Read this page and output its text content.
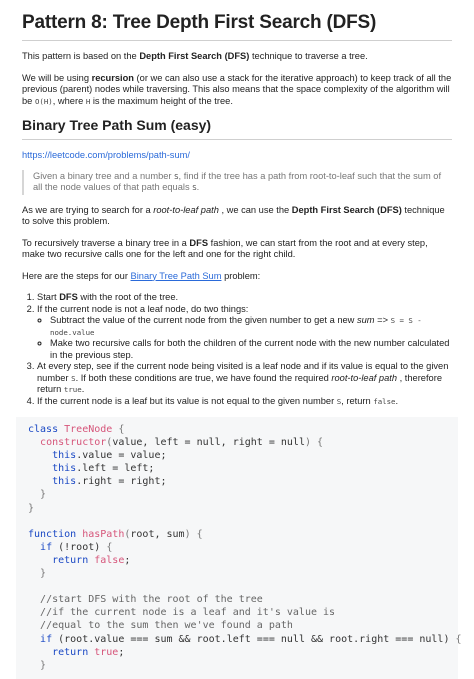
Pattern 8: Tree Depth First Search (DFS)

This pattern is based on the Depth First Search (DFS) technique to traverse a tree.

We will be using recursion (or we can also use a stack for the iterative approach) to keep track of all the previous (parent) nodes while traversing. This also means that the space complexity of the algorithm will be O(H), where H is the maximum height of the tree.

Binary Tree Path Sum (easy)

https://leetcode.com/problems/path-sum/

Given a binary tree and a number S, find if the tree has a path from root-to-leaf such that the sum of all the node values of that path equals S.

As we are trying to search for a root-to-leaf path , we can use the Depth First Search (DFS) technique to solve this problem.

To recursively traverse a binary tree in a DFS fashion, we can start from the root and at every step, make two recursive calls one for the left and one for the right child.

Here are the steps for our Binary Tree Path Sum problem:

1. Start DFS with the root of the tree.
2. If the current node is not a leaf node, do two things:
◦ Subtract the value of the current node from the given number to get a new sum => S = S - node.value
◦ Make two recursive calls for both the children of the current node with the new number calculated in the previous step.
3. At every step, see if the current node being visited is a leaf node and if its value is equal to the given number S. If both these conditions are true, we have found the required root-to-leaf path , therefore return true.
4. If the current node is a leaf but its value is not equal to the given number S, return false.
class TreeNode {
constructor(value, left = null, right = null) {
this.value = value;
this.left = left;
this.right = right;
}
}

function hasPath(root, sum) {
if (!root) {
return false;
}

//start DFS with the root of the tree
//if the current node is a leaf and it's value is
//equal to the sum then we've found a path
if (root.value === sum && root.left === null && root.right === null) {
return true;
}
